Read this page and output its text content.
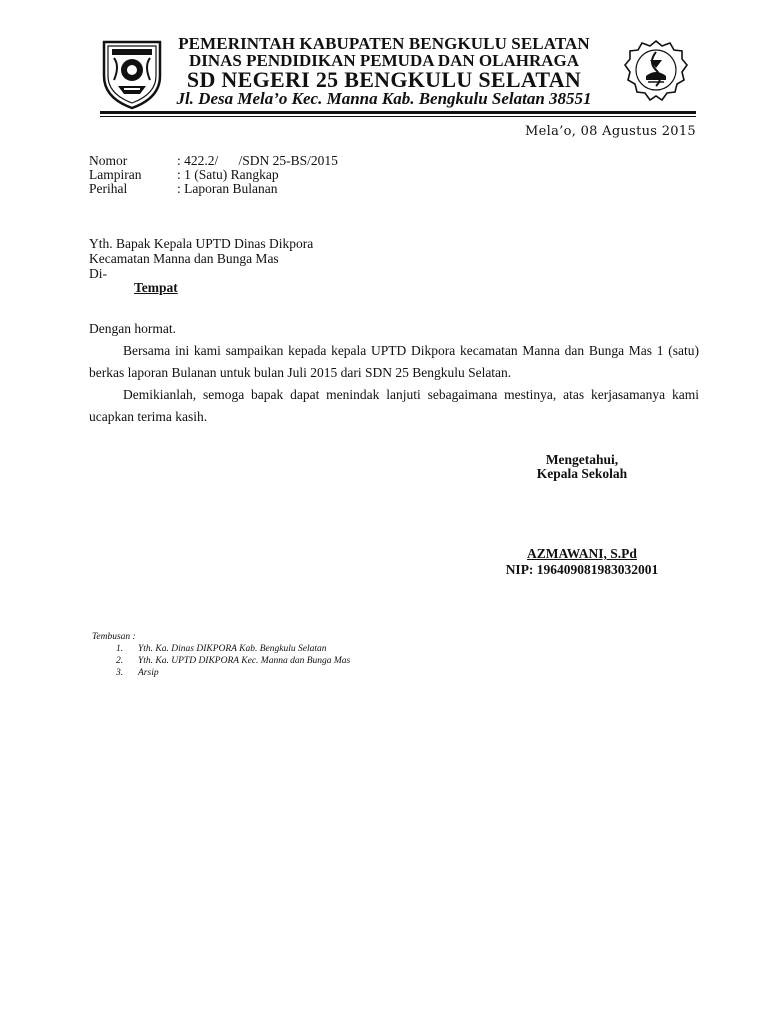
PEMERINTAH KABUPATEN BENGKULU SELATAN
DINAS PENDIDIKAN PEMUDA DAN OLAHRAGA
SD NEGERI 25 BENGKULU SELATAN
Jl. Desa Mela’o Kec. Manna Kab. Bengkulu Selatan 38551
Mela’o, 08 Agustus 2015
Nomor	: 422.2/      /SDN 25-BS/2015
Lampiran	: 1 (Satu) Rangkap
Perihal	: Laporan Bulanan
Yth. Bapak Kepala UPTD Dinas Dikpora
Kecamatan Manna dan Bunga Mas
Di-
Tempat
Dengan hormat.
Bersama ini kami sampaikan kepada kepala UPTD Dikpora kecamatan Manna dan Bunga Mas 1 (satu) berkas laporan Bulanan untuk bulan Juli 2015 dari SDN 25 Bengkulu Selatan.
Demikianlah, semoga bapak dapat menindak lanjuti sebagaimana mestinya, atas kerjasamanya kami ucapkan terima kasih.
Mengetahui,
Kepala Sekolah
AZMAWANI, S.Pd
NIP: 196409081983032001
Tembusan :
1. Yth. Ka. Dinas DIKPORA Kab. Bengkulu Selatan
2. Yth. Ka. UPTD DIKPORA Kec. Manna dan Bunga Mas
3. Arsip
